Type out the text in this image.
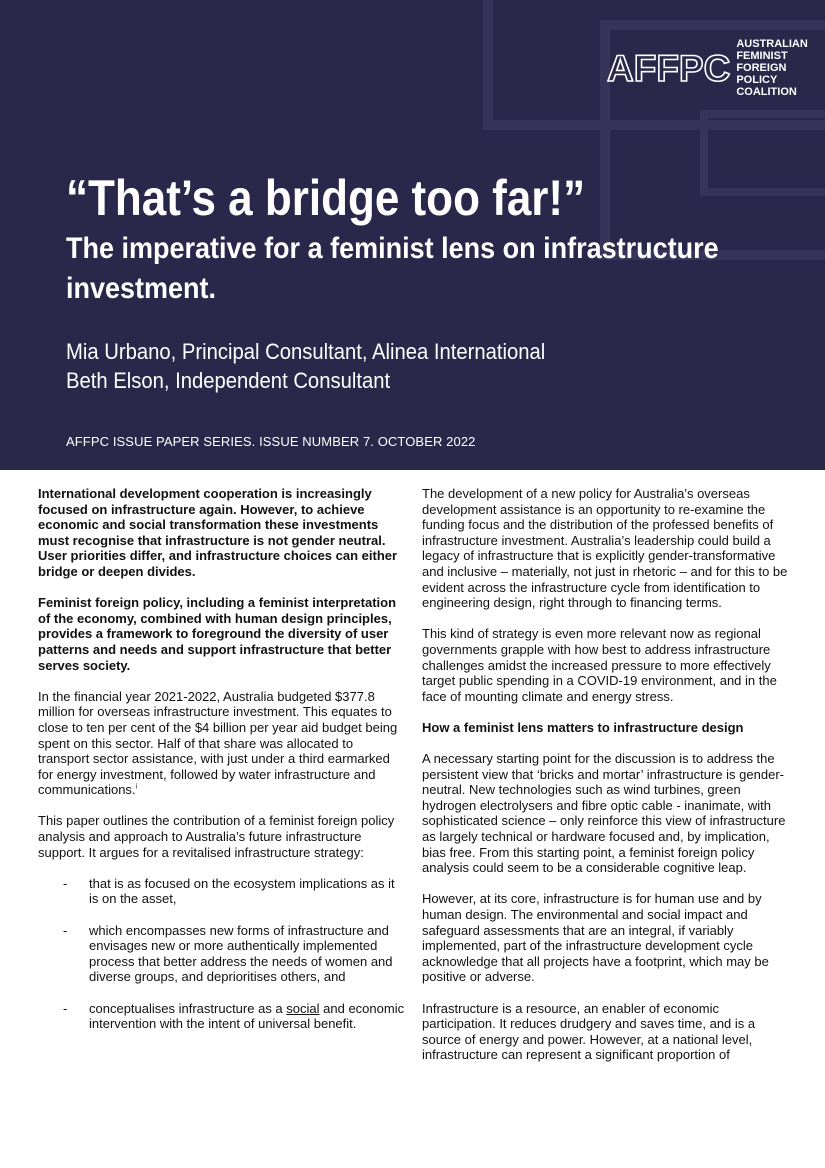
AFFPC
AUSTRALIAN
FEMINIST FOREIGN
POLICY COALITION
“That’s a bridge too far!”
The imperative for a feminist lens on infrastructure investment.
Mia Urbano, Principal Consultant, Alinea International
Beth Elson, Independent Consultant
AFFPC ISSUE PAPER SERIES. ISSUE NUMBER 7. OCTOBER 2022

International development cooperation is increasingly focused on infrastructure again. However, to achieve economic and social transformation these investments must recognise that infrastructure is not gender neutral. User priorities differ, and infrastructure choices can either bridge or deepen divides.

Feminist foreign policy, including a feminist interpretation of the economy, combined with human design principles, provides a framework to foreground the diversity of user patterns and needs and support infrastructure that better serves society.

In the financial year 2021-2022, Australia budgeted $377.8 million for overseas infrastructure investment. This equates to close to ten per cent of the $4 billion per year aid budget being spent on this sector. Half of that share was allocated to transport sector assistance, with just under a third earmarked for energy investment, followed by water infrastructure and communications.$^i$

This paper outlines the contribution of a feminist foreign policy analysis and approach to Australia’s future infrastructure support. It argues for a revitalised infrastructure strategy:

- that is as focused on the ecosystem implications as it is on the asset,
- which encompasses new forms of infrastructure and envisages new or more authentically implemented process that better address the needs of women and diverse groups, and deprioritises others, and
- conceptualises infrastructure as a social and economic intervention with the intent of universal benefit.

The development of a new policy for Australia’s overseas development assistance is an opportunity to re-examine the funding focus and the distribution of the professed benefits of infrastructure investment. Australia’s leadership could build a legacy of infrastructure that is explicitly gender-transformative and inclusive – materially, not just in rhetoric – and for this to be evident across the infrastructure cycle from identification to engineering design, right through to financing terms.

This kind of strategy is even more relevant now as regional governments grapple with how best to address infrastructure challenges amidst the increased pressure to more effectively target public spending in a COVID-19 environment, and in the face of mounting climate and energy stress.

How a feminist lens matters to infrastructure design

A necessary starting point for the discussion is to address the persistent view that ‘bricks and mortar’ infrastructure is gender-neutral. New technologies such as wind turbines, green hydrogen electrolysers and fibre optic cable - inanimate, with sophisticated science – only reinforce this view of infrastructure as largely technical or hardware focused and, by implication, bias free. From this starting point, a feminist foreign policy analysis could seem to be a considerable cognitive leap.

However, at its core, infrastructure is for human use and by human design. The environmental and social impact and safeguard assessments that are an integral, if variably implemented, part of the infrastructure development cycle acknowledge that all projects have a footprint, which may be positive or adverse.

Infrastructure is a resource, an enabler of economic participation. It reduces drudgery and saves time, and is a source of energy and power. However, at a national level, infrastructure can represent a significant proportion of
